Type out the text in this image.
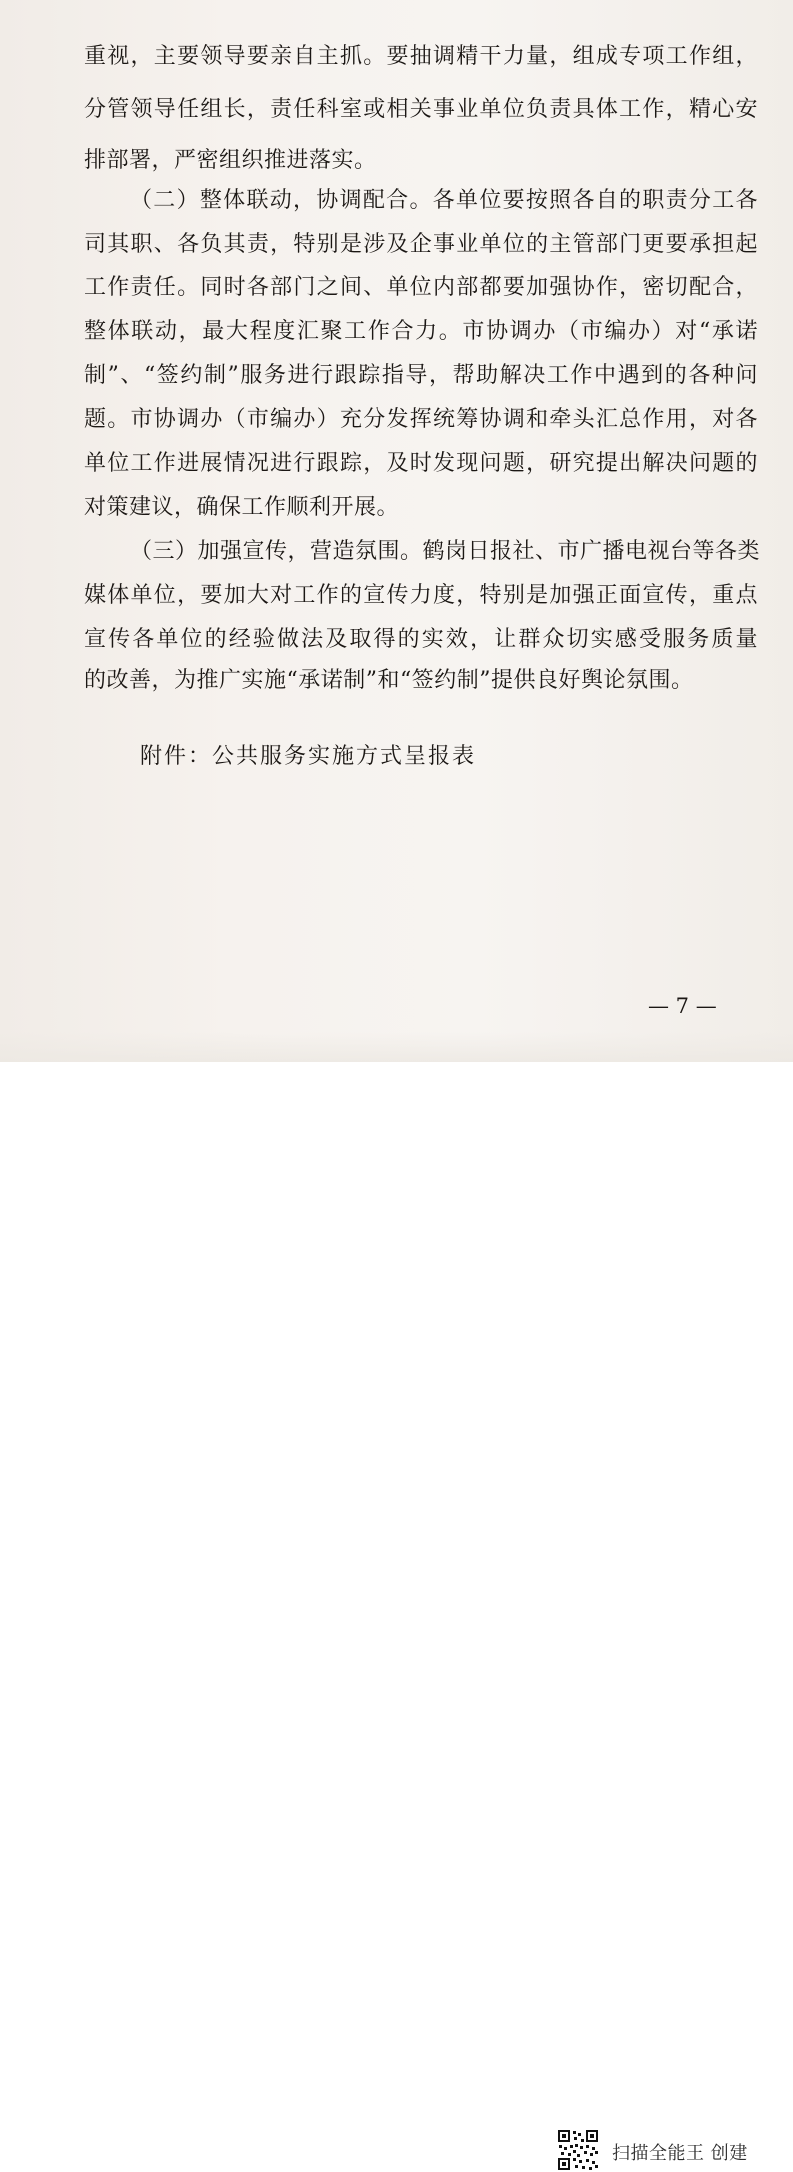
重视，主要领导要亲自主抓。要抽调精干力量，组成专项工作组，
分管领导任组长，责任科室或相关事业单位负责具体工作，精心安
排部署，严密组织推进落实。
（二）整体联动，协调配合。各单位要按照各自的职责分工各
司其职、各负其责，特别是涉及企事业单位的主管部门更要承担起
工作责任。同时各部门之间、单位内部都要加强协作，密切配合，
整体联动，最大程度汇聚工作合力。市协调办（市编办）对“承诺
制”、“签约制”服务进行跟踪指导，帮助解决工作中遇到的各种问
题。市协调办（市编办）充分发挥统筹协调和牵头汇总作用，对各
单位工作进展情况进行跟踪，及时发现问题，研究提出解决问题的
对策建议，确保工作顺利开展。
（三）加强宣传，营造氛围。鹤岗日报社、市广播电视台等各类
媒体单位，要加大对工作的宣传力度，特别是加强正面宣传，重点
宣传各单位的经验做法及取得的实效，让群众切实感受服务质量
的改善，为推广实施“承诺制”和“签约制”提供良好舆论氛围。
附件：公共服务实施方式呈报表
— 7 —
扫描全能王 创建
